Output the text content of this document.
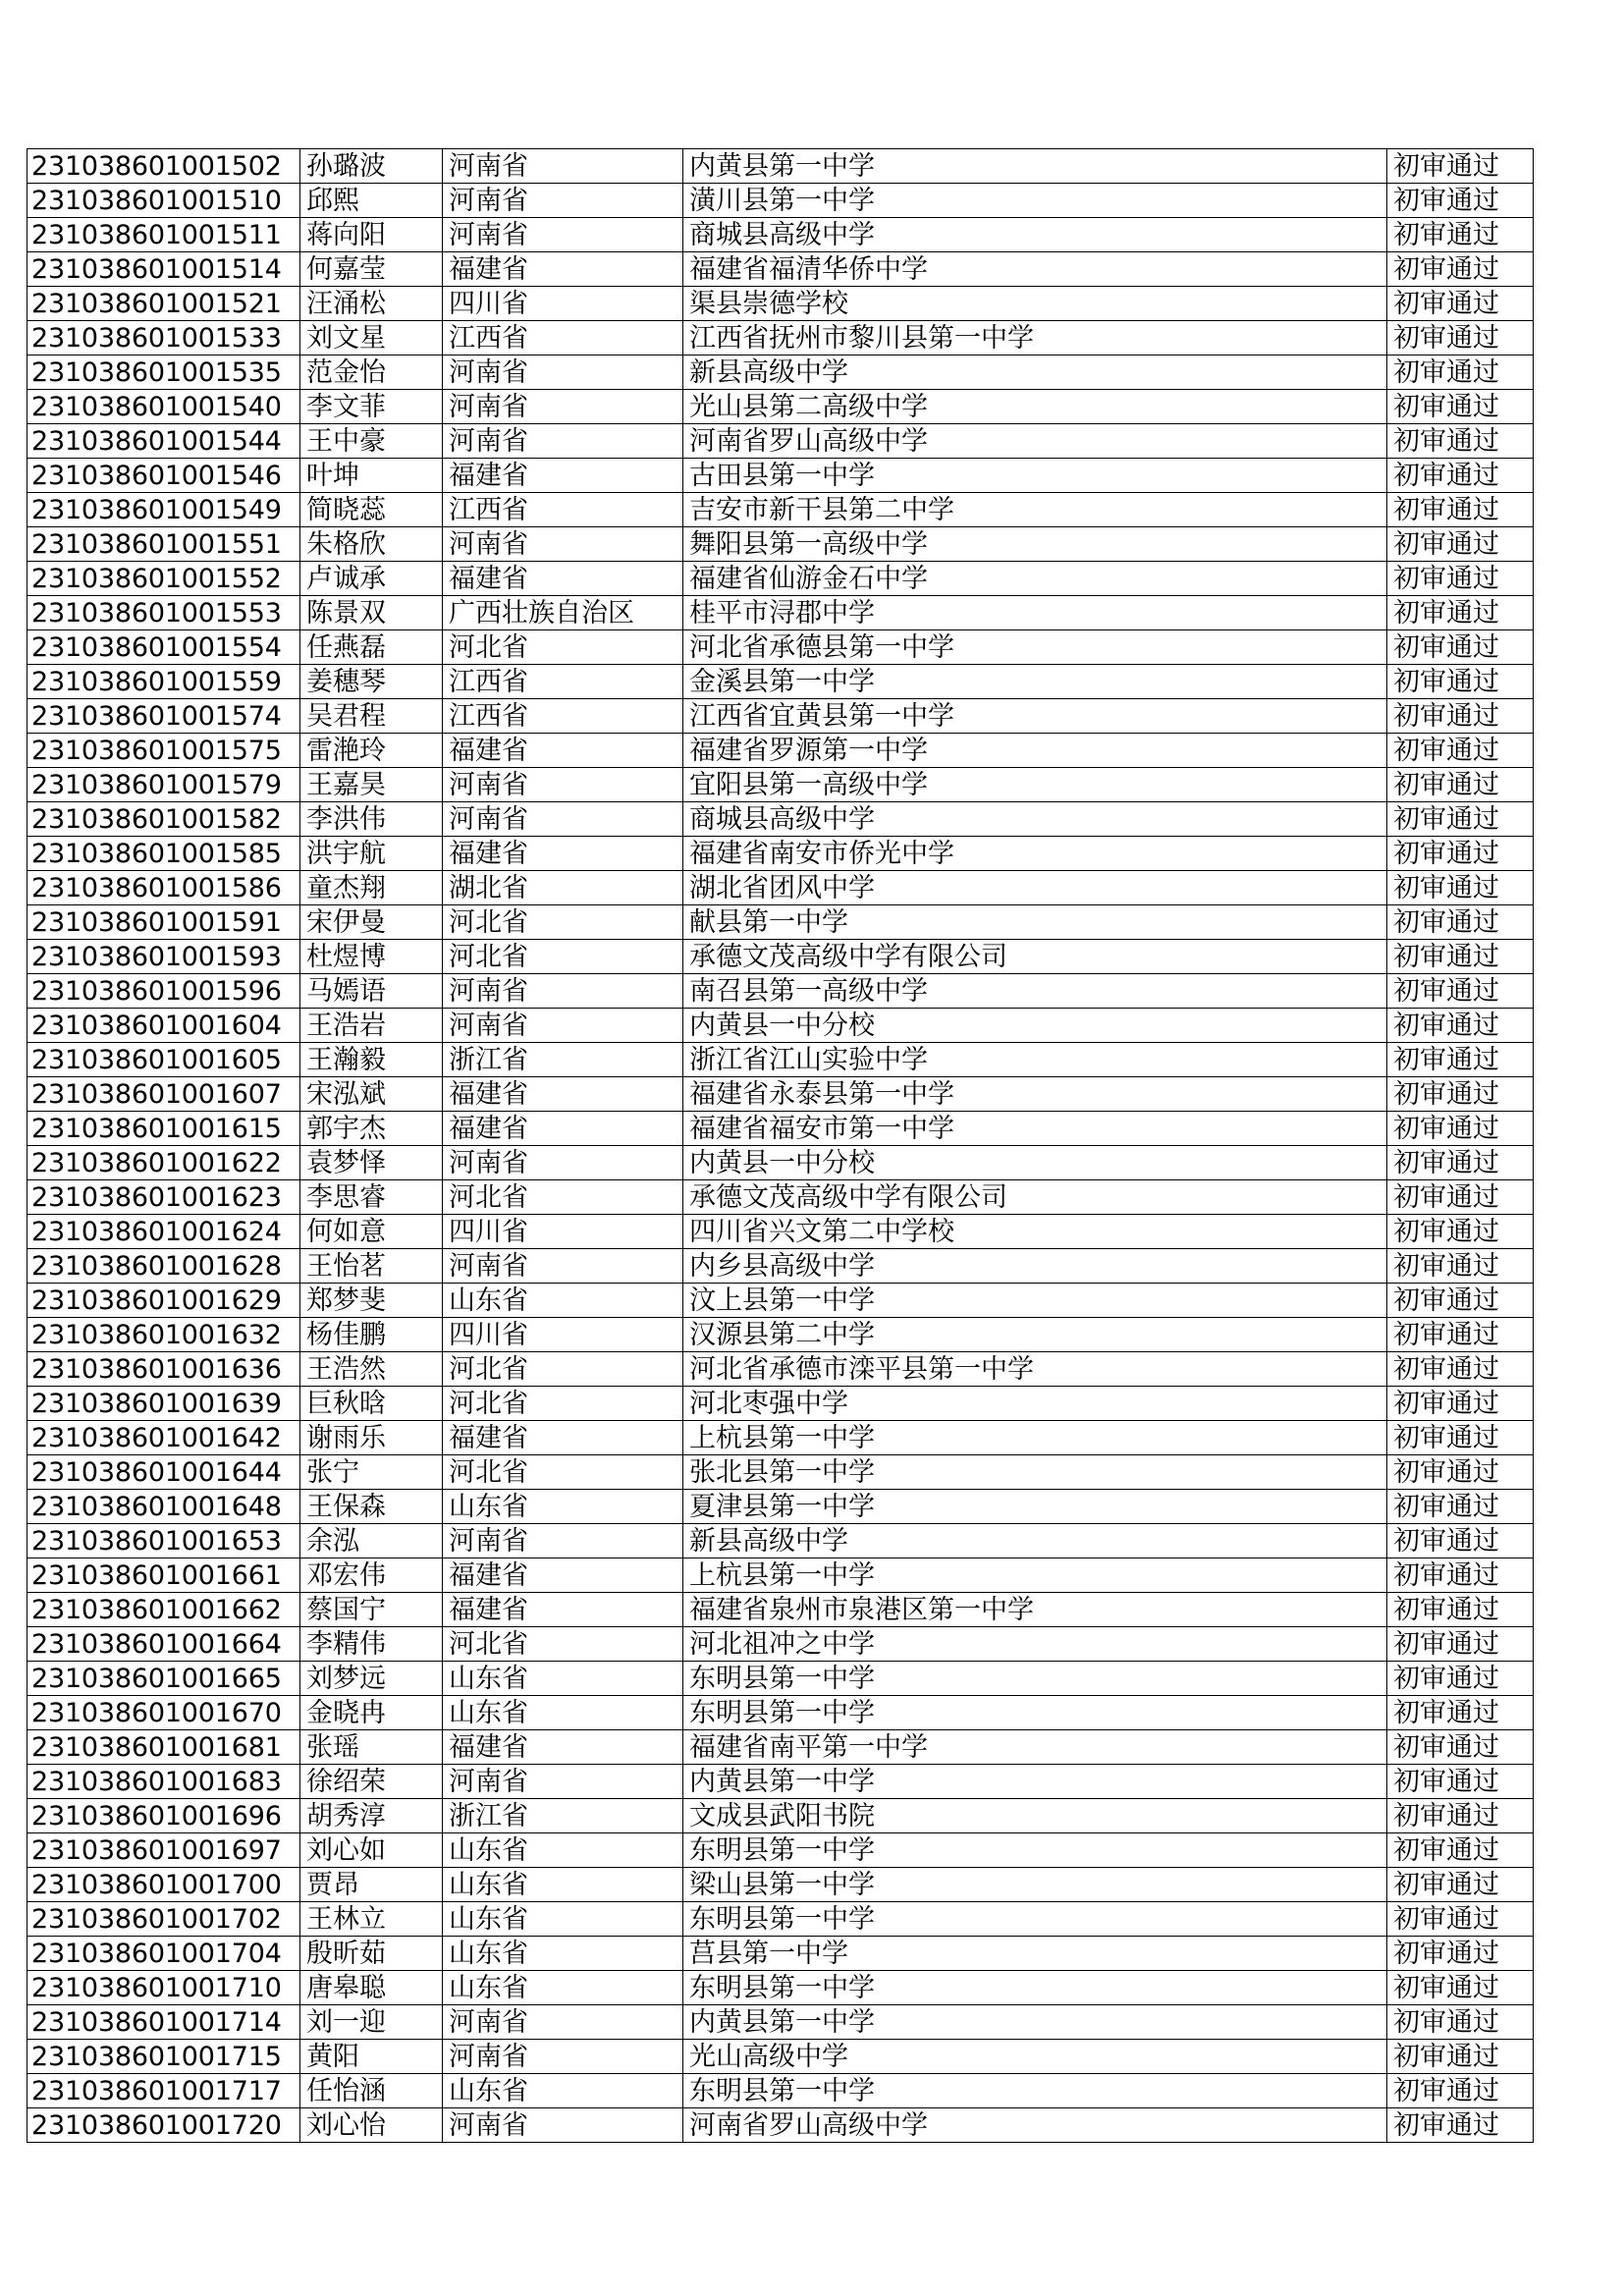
231038601001502	孙璐波	河南省	内黄县第一中学	初审通过
231038601001510	邱熙	河南省	潢川县第一中学	初审通过
231038601001511	蒋向阳	河南省	商城县高级中学	初审通过
231038601001514	何嘉莹	福建省	福建省福清华侨中学	初审通过
231038601001521	汪涌松	四川省	渠县崇德学校	初审通过
231038601001533	刘文星	江西省	江西省抚州市黎川县第一中学	初审通过
231038601001535	范金怡	河南省	新县高级中学	初审通过
231038601001540	李文菲	河南省	光山县第二高级中学	初审通过
231038601001544	王中豪	河南省	河南省罗山高级中学	初审通过
231038601001546	叶坤	福建省	古田县第一中学	初审通过
231038601001549	简晓蕊	江西省	吉安市新干县第二中学	初审通过
231038601001551	朱格欣	河南省	舞阳县第一高级中学	初审通过
231038601001552	卢诚承	福建省	福建省仙游金石中学	初审通过
231038601001553	陈景双	广西壮族自治区	桂平市浔郡中学	初审通过
231038601001554	任燕磊	河北省	河北省承德县第一中学	初审通过
231038601001559	姜穗琴	江西省	金溪县第一中学	初审通过
231038601001574	吴君程	江西省	江西省宜黄县第一中学	初审通过
231038601001575	雷滟玲	福建省	福建省罗源第一中学	初审通过
231038601001579	王嘉昊	河南省	宜阳县第一高级中学	初审通过
231038601001582	李洪伟	河南省	商城县高级中学	初审通过
231038601001585	洪宇航	福建省	福建省南安市侨光中学	初审通过
231038601001586	童杰翔	湖北省	湖北省团风中学	初审通过
231038601001591	宋伊曼	河北省	献县第一中学	初审通过
231038601001593	杜煜博	河北省	承德文茂高级中学有限公司	初审通过
231038601001596	马嫣语	河南省	南召县第一高级中学	初审通过
231038601001604	王浩岩	河南省	内黄县一中分校	初审通过
231038601001605	王瀚毅	浙江省	浙江省江山实验中学	初审通过
231038601001607	宋泓斌	福建省	福建省永泰县第一中学	初审通过
231038601001615	郭宇杰	福建省	福建省福安市第一中学	初审通过
231038601001622	袁梦怿	河南省	内黄县一中分校	初审通过
231038601001623	李思睿	河北省	承德文茂高级中学有限公司	初审通过
231038601001624	何如意	四川省	四川省兴文第二中学校	初审通过
231038601001628	王怡茗	河南省	内乡县高级中学	初审通过
231038601001629	郑梦斐	山东省	汶上县第一中学	初审通过
231038601001632	杨佳鹏	四川省	汉源县第二中学	初审通过
231038601001636	王浩然	河北省	河北省承德市滦平县第一中学	初审通过
231038601001639	巨秋晗	河北省	河北枣强中学	初审通过
231038601001642	谢雨乐	福建省	上杭县第一中学	初审通过
231038601001644	张宁	河北省	张北县第一中学	初审通过
231038601001648	王保森	山东省	夏津县第一中学	初审通过
231038601001653	余泓	河南省	新县高级中学	初审通过
231038601001661	邓宏伟	福建省	上杭县第一中学	初审通过
231038601001662	蔡国宁	福建省	福建省泉州市泉港区第一中学	初审通过
231038601001664	李精伟	河北省	河北祖冲之中学	初审通过
231038601001665	刘梦远	山东省	东明县第一中学	初审通过
231038601001670	金晓冉	山东省	东明县第一中学	初审通过
231038601001681	张瑶	福建省	福建省南平第一中学	初审通过
231038601001683	徐绍荣	河南省	内黄县第一中学	初审通过
231038601001696	胡秀淳	浙江省	文成县武阳书院	初审通过
231038601001697	刘心如	山东省	东明县第一中学	初审通过
231038601001700	贾昂	山东省	梁山县第一中学	初审通过
231038601001702	王林立	山东省	东明县第一中学	初审通过
231038601001704	殷昕茹	山东省	莒县第一中学	初审通过
231038601001710	唐皋聪	山东省	东明县第一中学	初审通过
231038601001714	刘一迎	河南省	内黄县第一中学	初审通过
231038601001715	黄阳	河南省	光山高级中学	初审通过
231038601001717	任怡涵	山东省	东明县第一中学	初审通过
231038601001720	刘心怡	河南省	河南省罗山高级中学	初审通过
